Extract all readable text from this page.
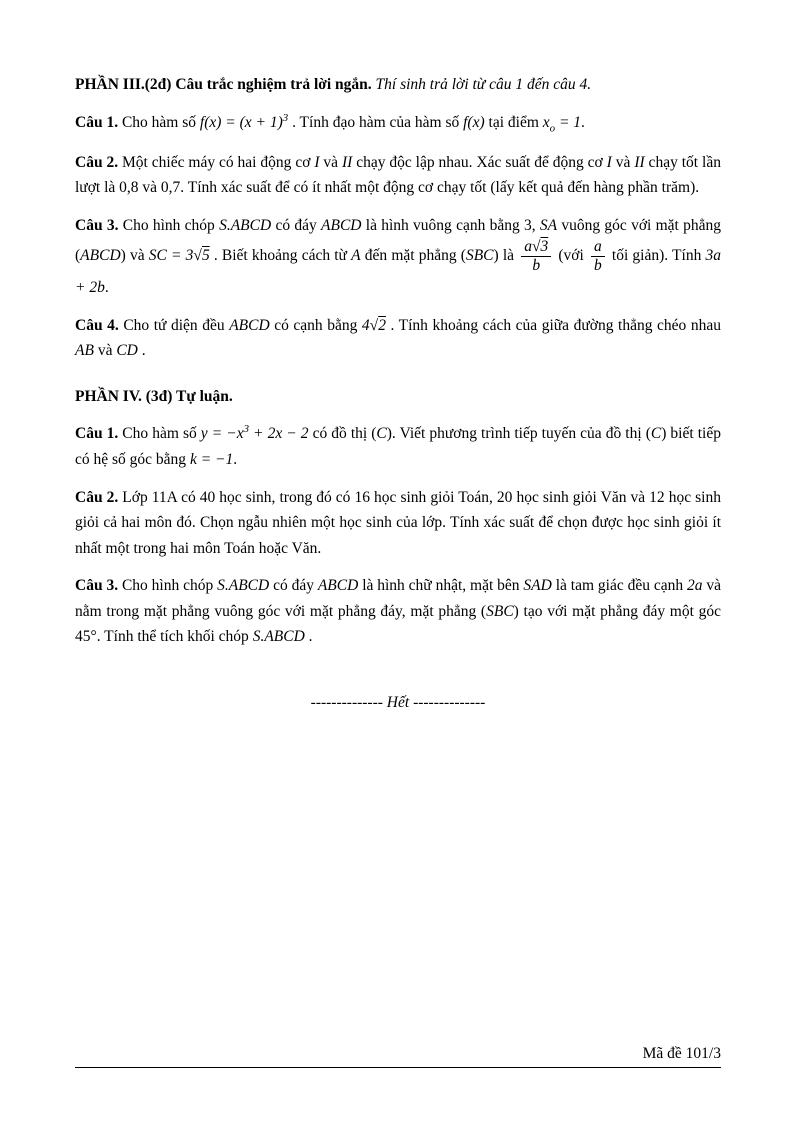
PHẦN III.(2đ) Câu trắc nghiệm trả lời ngắn. Thí sinh trả lời từ câu 1 đến câu 4.

Câu 1. Cho hàm số $f(x) = (x + 1)^3$ . Tính đạo hàm của hàm số f(x) tại điểm $x_o = 1$.

Câu 2. Một chiếc máy có hai động cơ I và II chạy độc lập nhau. Xác suất để động cơ I và II chạy tốt lần lượt là 0,8 và 0,7. Tính xác suất để có ít nhất một động cơ chạy tốt (lấy kết quả đến hàng phần trăm).

Câu 3. Cho hình chóp S.ABCD có đáy ABCD là hình vuông cạnh bằng 3, SA vuông góc với mặt phẳng (ABCD) và SC = 3√5 . Biết khoảng cách từ A đến mặt phẳng (SBC) là $\frac{a√3}{b}$ (với $\frac{a}{b}$ tối giản). Tính 3a + 2b.

Câu 4. Cho tứ diện đều ABCD có cạnh bằng 4√2 . Tính khoảng cách của giữa đường thẳng chéo nhau AB và CD .

PHẦN IV. (3đ) Tự luận.

Câu 1. Cho hàm số $y = -x^3 + 2x - 2$ có đồ thị (C). Viết phương trình tiếp tuyến của đồ thị (C) biết tiếp có hệ số góc bằng k = −1.

Câu 2. Lớp 11A có 40 học sinh, trong đó có 16 học sinh giỏi Toán, 20 học sinh giỏi Văn và 12 học sinh giỏi cả hai môn đó. Chọn ngẫu nhiên một học sinh của lớp. Tính xác suất để chọn được học sinh giỏi ít nhất một trong hai môn Toán hoặc Văn.

Câu 3. Cho hình chóp S.ABCD có đáy ABCD là hình chữ nhật, mặt bên SAD là tam giác đều cạnh 2a và nằm trong mặt phẳng vuông góc với mặt phẳng đáy, mặt phẳng (SBC) tạo với mặt phẳng đáy một góc 45°. Tính thể tích khối chóp S.ABCD .

-------------- Hết --------------

Mã đề 101/3
